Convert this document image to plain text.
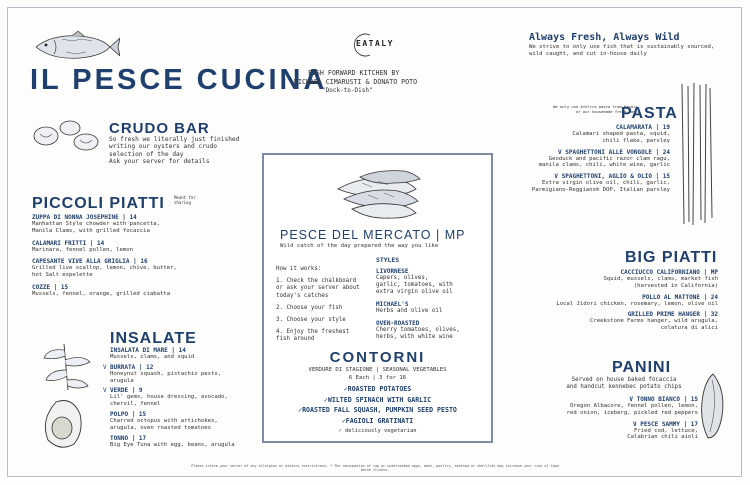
EATALY
IL PESCE CUCINA
FISH FORWARD KITCHEN BY
MICHAEL CIMARUSTI & DONATO POTO
"Dock-to-Dish"
Always Fresh, Always Wild
We strive to only use fish that is sustainably sourced,
wild caught, and cut in-house daily
CRUDO BAR
So fresh we literally just finished
writing our oysters and crudo
selection of the day
Ask your server for details
PICCOLI PIATTI Meant for
sharing
ZUPPA DI NONNA JOSEPHINE | 14
Manhattan Style chowder with pancetta,
Manila Clams, with grilled focaccia
CALAMARI FRITTI | 14
Marinara, fennel pollen, lemon
CAPESANTE VIVE ALLA GRIGLIA | 16
Grilled live scallop, lemon, chive, butter,
hot Salt espelette
COZZE | 15
Mussels, fennel, orange, grilled ciabatta
INSALATE
INSALATA DI MARE | 14
Mussels, clams, and squid
V BURRATA | 12
Honeynut squash, pistachio pesto,
arugula
V VERDE | 9
Lil' gems, house dressing, avocado,
chervil, fennel
POLPO | 15
Charred octopus with artichokes,
arugula, oven roasted tomatoes
TONNO | 17
Big Eye Tuna with egg, beans, arugula
PESCE DEL MERCATO | MP
Wild catch of the day prepared the way you like
How it works:
1. Check the chalkboard
or ask your server about
today's catches
2. Choose your fish
3. Choose your style
4. Enjoy the freshest
fish around
STYLES
LIVORNESE
Capers, olives,
garlic, tomatoes, with
extra virgin olive oil
MICHAEL'S
Herbs and olive oil
OVEN-ROASTED
Cherry tomatoes, olives,
herbs, with white wine
CONTORNI
VERDURE DI STAGIONE | SEASONAL VEGETABLES
6 Each | 3 for 16
✓ROASTED POTATOES
✓WILTED SPINACH WITH GARLIC
✓ROASTED FALL SQUASH, PUMPKIN SEED PESTO
✓FAGIOLI GRATINATI
✓ deliciously vegetarian
We only use Afeltra pasta from Napoli,
or our housemade fresh pasta
PASTA
CALAMARATA | 19
Calamari shaped pasta, squid,
chili flake, parsley
V SPAGHETTONI ALLE VONGOLE | 24
Geoduck and pacific razor clam ragu,
manila clams, chili, white wine, garlic
V SPAGHETTONI, AGLIO & OLIO | 15
Extra virgin olive oil, chili, garlic,
Parmigiano-Reggiano® DOP, Italian parsley
BIG PIATTI
CACCIUCCO CALIFORNIANO | MP
Squid, mussels, clams, market fish
(harvested in California)
POLLO AL MATTONE | 24
Local Jidori chicken, rosemary, lemon, olive oil
GRILLED PRIME HANGER | 32
Creekstone Farms hanger, wild arugula,
colatura di alici
PANINI
Served on house baked focaccia
and handcut kennebec potato chips
V TONNO BIANCO | 15
Oregon Albacore, fennel pollen, lemon,
red onion, iceberg, pickled red peppers
V PESCE SAMMY | 17
Fried cod, lettuce,
Calabrian chili aioli
Please inform your server of any allergies or dietary restrictions. * The consumption of raw or undercooked eggs, meat, poultry, seafood or shellfish may increase your risk of food borne illness.
